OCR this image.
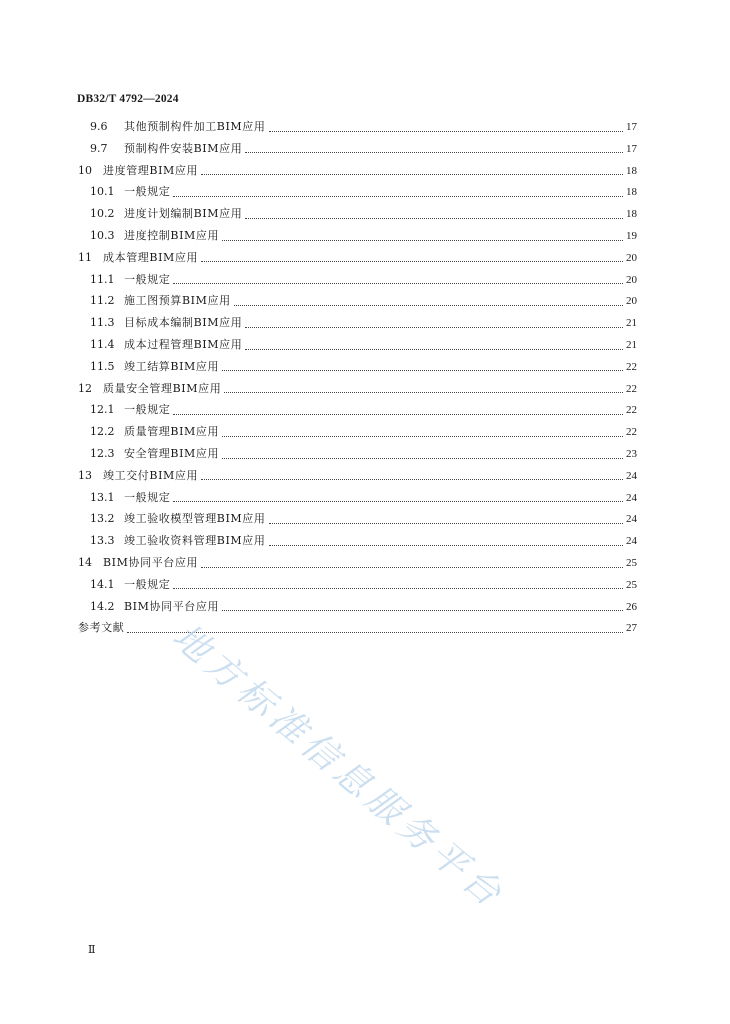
DB32/T 4792—2024
9.6	其他预制构件加工BIM应用	17
9.7	预制构件安装BIM应用	17
10	进度管理BIM应用	18
10.1 一般规定	18
10.2 进度计划编制BIM应用	18
10.3 进度控制BIM应用	19
11	成本管理BIM应用	20
11.1 一般规定	20
11.2 施工图预算BIM应用	20
11.3 目标成本编制BIM应用	21
11.4 成本过程管理BIM应用	21
11.5 竣工结算BIM应用	22
12	质量安全管理BIM应用	22
12.1 一般规定	22
12.2 质量管理BIM应用	22
12.3 安全管理BIM应用	23
13	竣工交付BIM应用	24
13.1 一般规定	24
13.2 竣工验收模型管理BIM应用	24
13.3 竣工验收资料管理BIM应用	24
14	BIM协同平台应用	25
14.1 一般规定	25
14.2 BIM协同平台应用	26
参考文献	27
地方标准信息服务平台
Ⅱ
